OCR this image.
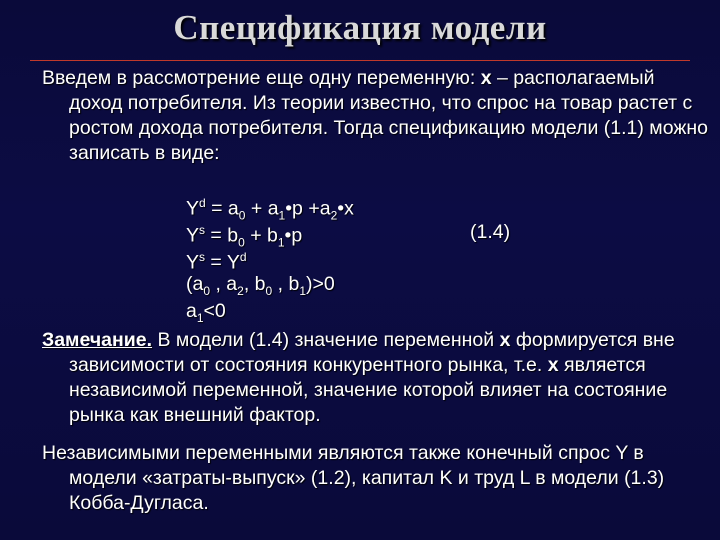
Спецификация модели

Введем в рассмотрение еще одну переменную: х – располагаемый доход потребителя. Из теории известно, что спрос на товар растет с ростом дохода потребителя. Тогда спецификацию модели (1.1) можно записать в виде:

$Y^d = a_0$ + $a_1•p$ $+a_2•x$
$Y^s = b_0$ + $b_1•p$	(1.4)
$Y^s = Y^d$
($a_0$ , $a_2$, $b_0$ , $b_1)>0$
$a_1<0$

Замечание. В модели (1.4) значение переменной х формируется вне зависимости от состояния конкурентного рынка, т.е. х является независимой переменной, значение которой влияет на состояние рынка как внешний фактор.

Независимыми переменными являются также конечный спрос Y в модели «затраты-выпуск» (1.2), капитал K и труд L в модели (1.3) Кобба-Дугласа.
